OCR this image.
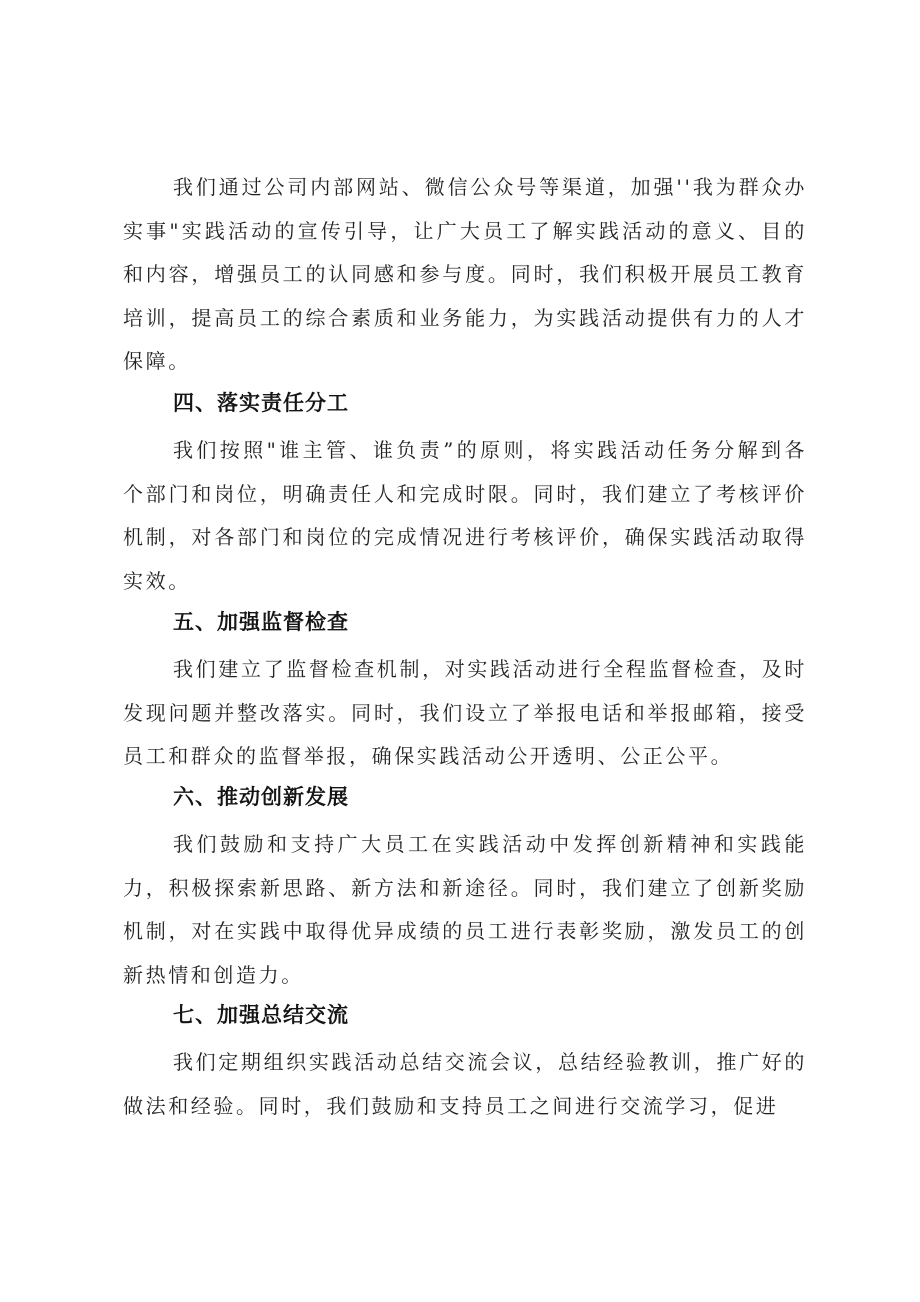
我们通过公司内部网站、微信公众号等渠道，加强''我为群众办实事"实践活动的宣传引导，让广大员工了解实践活动的意义、目的和内容，增强员工的认同感和参与度。同时，我们积极开展员工教育培训，提高员工的综合素质和业务能力，为实践活动提供有力的人才保障。

四、落实责任分工

我们按照"谁主管、谁负责”的原则，将实践活动任务分解到各个部门和岗位，明确责任人和完成时限。同时，我们建立了考核评价机制，对各部门和岗位的完成情况进行考核评价，确保实践活动取得实效。

五、加强监督检查

我们建立了监督检查机制，对实践活动进行全程监督检查，及时发现问题并整改落实。同时，我们设立了举报电话和举报邮箱，接受员工和群众的监督举报，确保实践活动公开透明、公正公平。

六、推动创新发展

我们鼓励和支持广大员工在实践活动中发挥创新精神和实践能力，积极探索新思路、新方法和新途径。同时，我们建立了创新奖励机制，对在实践中取得优异成绩的员工进行表彰奖励，激发员工的创新热情和创造力。

七、加强总结交流

我们定期组织实践活动总结交流会议，总结经验教训，推广好的做法和经验。同时，我们鼓励和支持员工之间进行交流学习，促进
